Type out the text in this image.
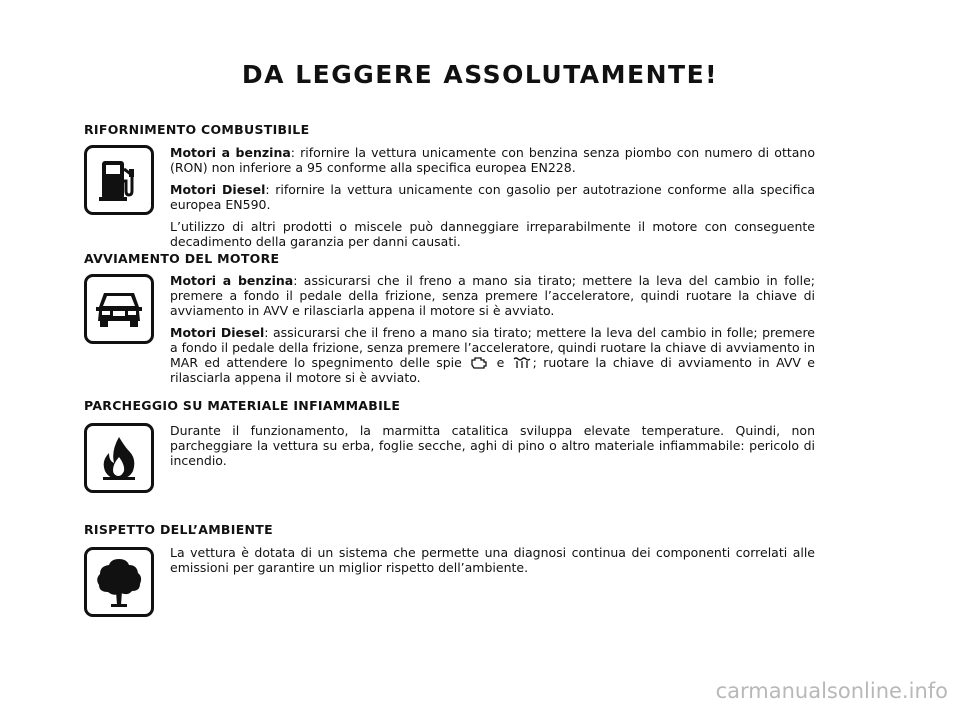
DA LEGGERE ASSOLUTAMENTE!
RIFORNIMENTO COMBUSTIBILE

Motori a benzina: rifornire la vettura unicamente con benzina senza piombo con numero di ottano (RON) non inferiore a 95 conforme alla specifica europea EN228.

Motori Diesel: rifornire la vettura unicamente con gasolio per autotrazione conforme alla specifica europea EN590.

L’utilizzo di altri prodotti o miscele può danneggiare irreparabilmente il motore con conseguente decadimento della garanzia per danni causati.

AVVIAMENTO DEL MOTORE

Motori a benzina: assicurarsi che il freno a mano sia tirato; mettere la leva del cambio in folle; premere a fondo il pedale della frizione, senza premere l’acceleratore, quindi ruotare la chiave di avviamento in AVV e rilasciarla appena il motore si è avviato.

Motori Diesel: assicurarsi che il freno a mano sia tirato; mettere la leva del cambio in folle; premere a fondo il pedale della frizione, senza premere l’acceleratore, quindi ruotare la chiave di avviamento in MAR ed attendere lo spegnimento delle spie	e ; ruotare la chiave di avviamento in AVV e rilasciarla appena il motore si è avviato.

PARCHEGGIO SU MATERIALE INFIAMMABILE

Durante il funzionamento, la marmitta catalitica sviluppa elevate temperature. Quindi, non parcheggiare la vettura su erba, foglie secche, aghi di pino o altro materiale infiammabile: pericolo di incendio.

RISPETTO DELL’AMBIENTE

La vettura è dotata di un sistema che permette una diagnosi continua dei componenti correlati alle emissioni per garantire un miglior rispetto dell’ambiente.

carmanualsonline.info
